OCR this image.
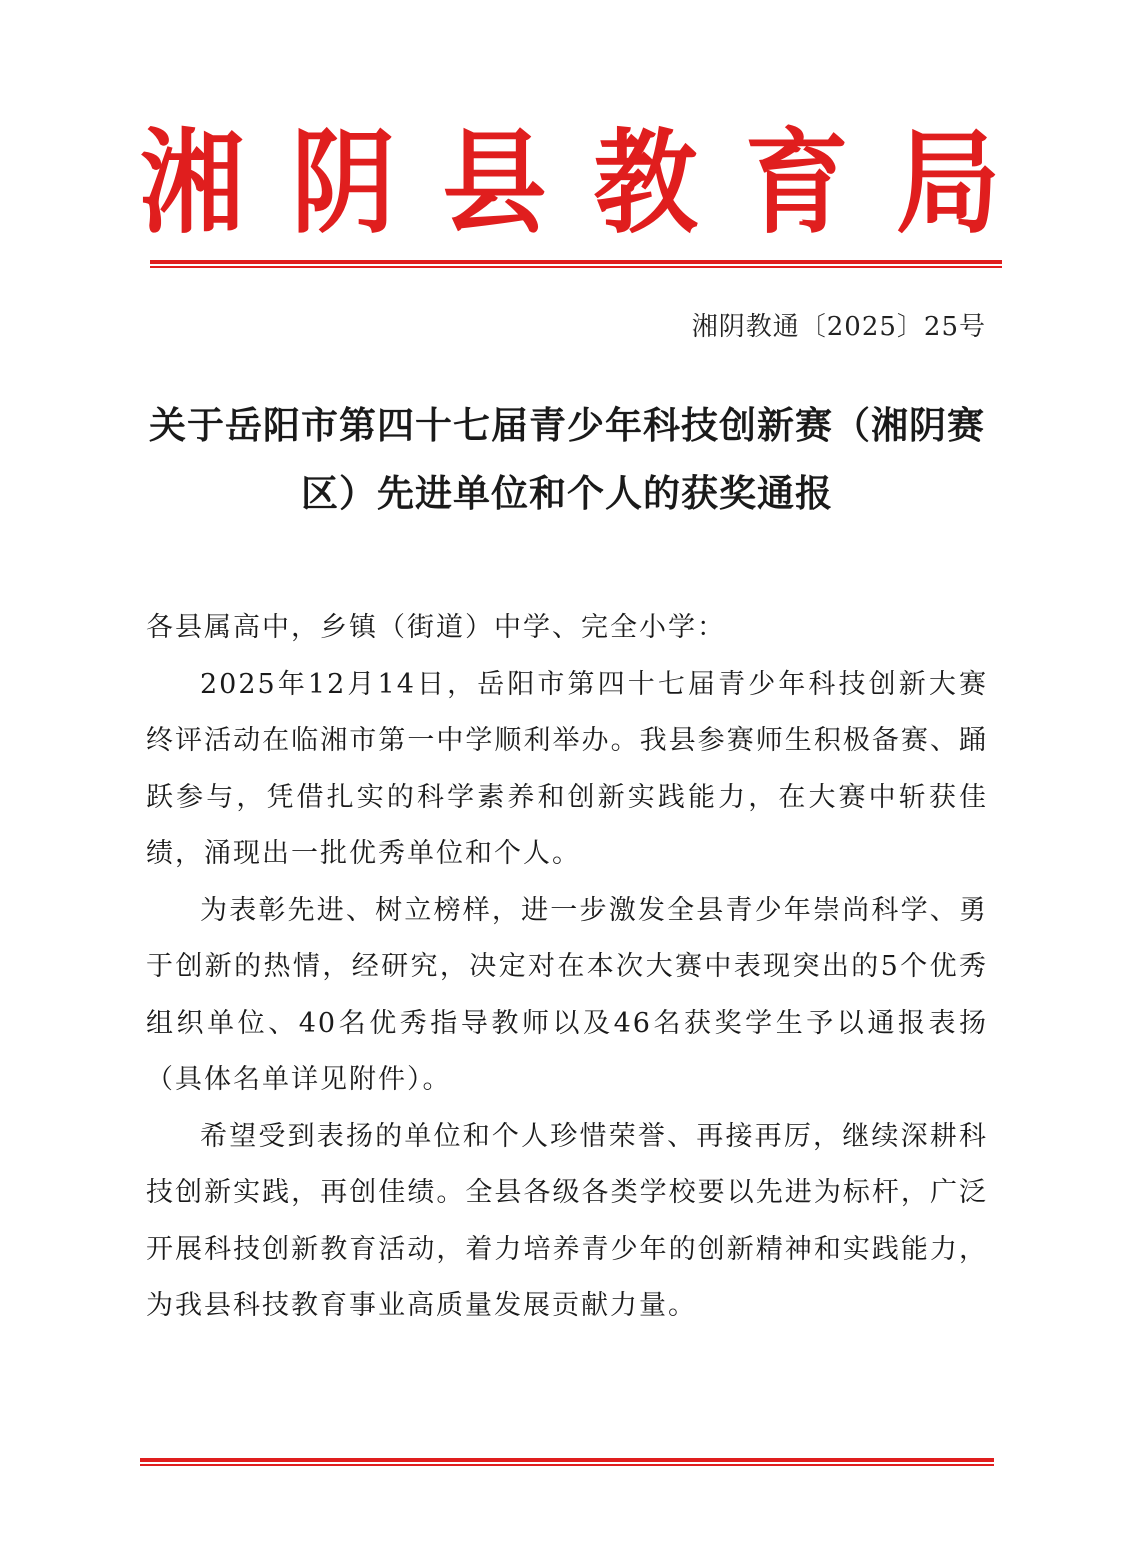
湘 阴 县 教 育 局
湘阴教通〔2025〕25号
关于岳阳市第四十七届青少年科技创新赛（湘阴赛区）先进单位和个人的获奖通报

各县属高中，乡镇（街道）中学、完全小学：

2025年12月14日，岳阳市第四十七届青少年科技创新大赛终评活动在临湘市第一中学顺利举办。我县参赛师生积极备赛、踊跃参与，凭借扎实的科学素养和创新实践能力，在大赛中斩获佳绩，涌现出一批优秀单位和个人。

为表彰先进、树立榜样，进一步激发全县青少年崇尚科学、勇于创新的热情，经研究，决定对在本次大赛中表现突出的5个优秀组织单位、40名优秀指导教师以及46名获奖学生予以通报表扬（具体名单详见附件）。

希望受到表扬的单位和个人珍惜荣誉、再接再厉，继续深耕科技创新实践，再创佳绩。全县各级各类学校要以先进为标杆，广泛开展科技创新教育活动，着力培养青少年的创新精神和实践能力，为我县科技教育事业高质量发展贡献力量。
